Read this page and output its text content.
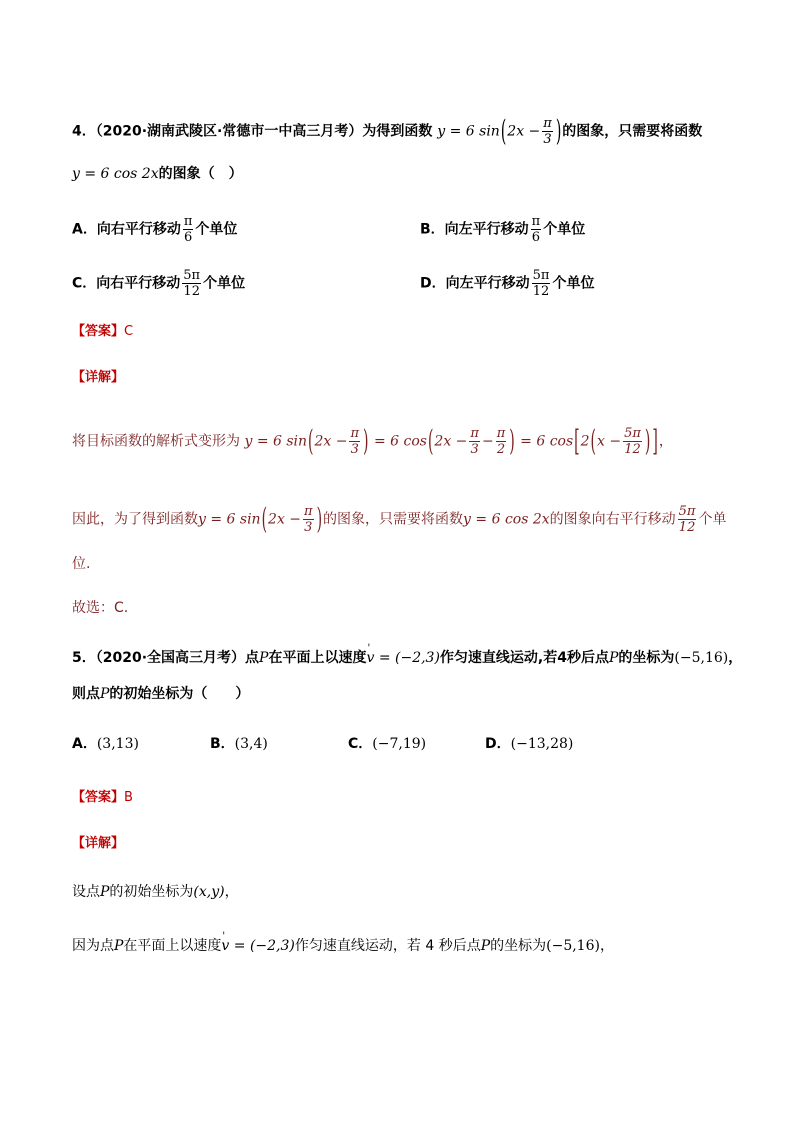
4．（2020·湖南武陵区·常德市一中高三月考）为得到函数 y = 6 $\sin(2x - \frac{\pi}{3}$ )的图象，只需要将函数
y = 6 cos 2x的图象（　）
A．向右平行移动 $\frac{\pi}{6}$ 个单位	B．向左平行移动 $\frac{\pi}{6}$ 个单位
C．向右平行移动 $\frac{5\pi}{12}$ 个单位	D．向左平行移动 $\frac{5\pi}{12}$ 个单位
【答案】C
【详解】
将目标函数的解析式变形为 y = 6 $\sin(2x - \frac{\pi}{3}$ ) = 6 $\cos(2x - \frac{\pi}{3} - \frac{\pi}{2}$ ) = 6 $\cos[2(x - \frac{5\pi}{12}$ ) ]，
因此，为了得到函数y = 6 $\sin(2x - \frac{\pi}{3}$ )的图象，只需要将函数y = 6 cos 2x的图象向右平行移动 $\frac{5\pi}{12}$ 个单
位.
故选：C.
5．（2020·全国高三月考）点P在平面上以速度' v = (−2,3)作匀速直线运动,若4秒后点P的坐标为(−5,16)，
则点P的初始坐标为（　　）
A．(3,13)	B．(3,4)	C．(−7,19)	D．(−13,28)
【答案】B
【详解】
设点P的初始坐标为(x,y)，
因为点P在平面上以速度' v = (−2,3)作匀速直线运动，若 4 秒后点P的坐标为(−5,16)，
